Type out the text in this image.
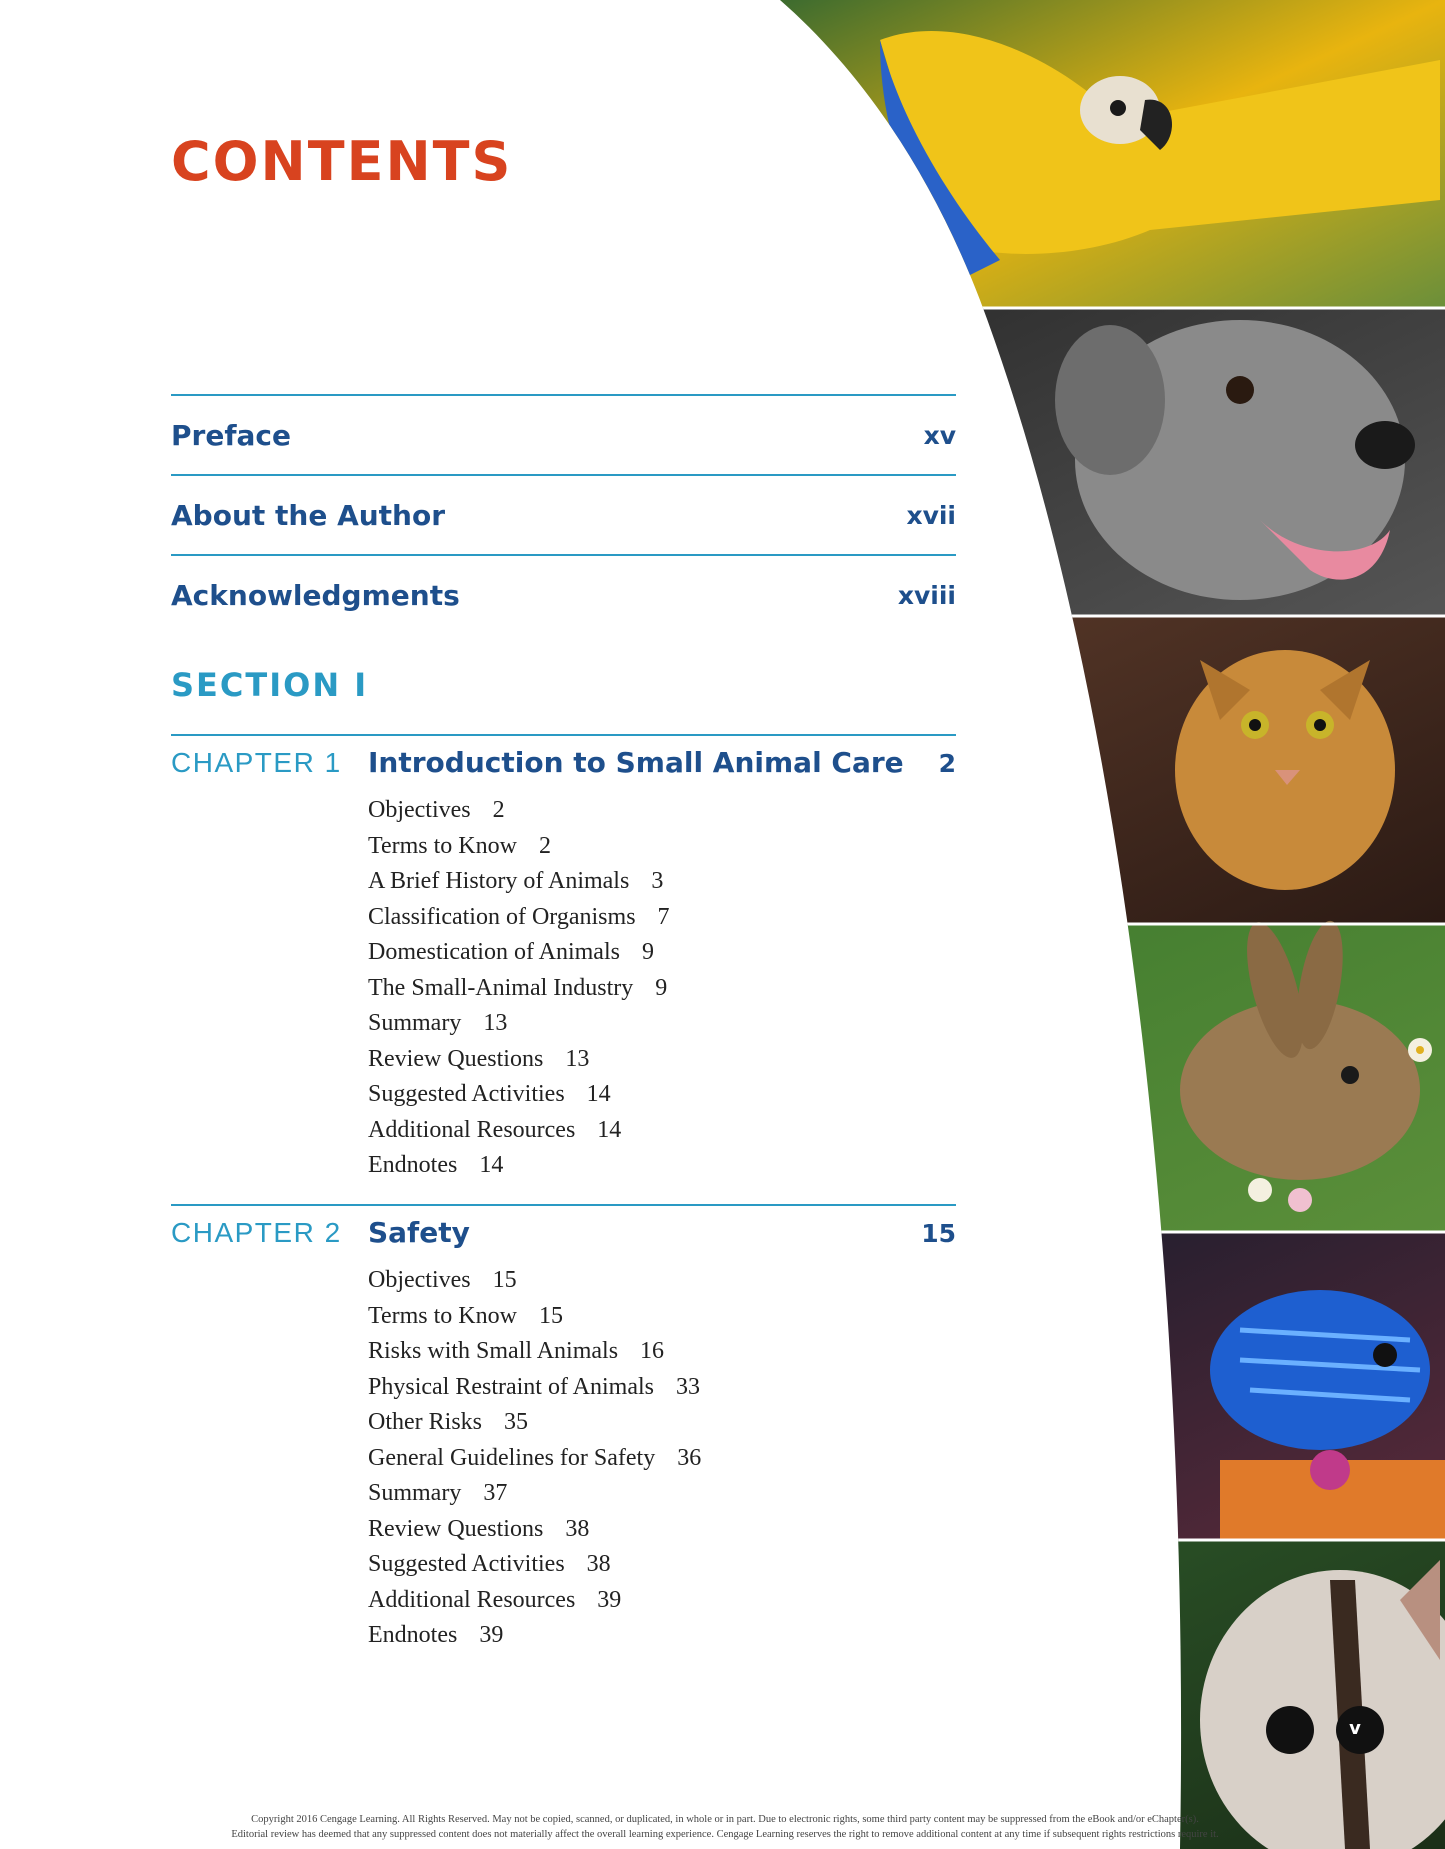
CONTENTS
Preface	xv
About the Author	xvii
Acknowledgments	xviii
SECTION I
CHAPTER 1 Introduction to Small Animal Care	2
Objectives 2
Terms to Know 2
A Brief History of Animals 3
Classification of Organisms 7
Domestication of Animals 9
The Small-Animal Industry 9
Summary 13
Review Questions 13
Suggested Activities 14
Additional Resources 14
Endnotes 14
CHAPTER 2 Safety	15
Objectives 15
Terms to Know 15
Risks with Small Animals 16
Physical Restraint of Animals 33
Other Risks 35
General Guidelines for Safety 36
Summary 37
Review Questions 38
Suggested Activities 38
Additional Resources 39
Endnotes 39
v
Copyright 2016 Cengage Learning. All Rights Reserved. May not be copied, scanned, or duplicated, in whole or in part. Due to electronic rights, some third party content may be suppressed from the eBook and/or eChapter(s).
Editorial review has deemed that any suppressed content does not materially affect the overall learning experience. Cengage Learning reserves the right to remove additional content at any time if subsequent rights restrictions require it.
